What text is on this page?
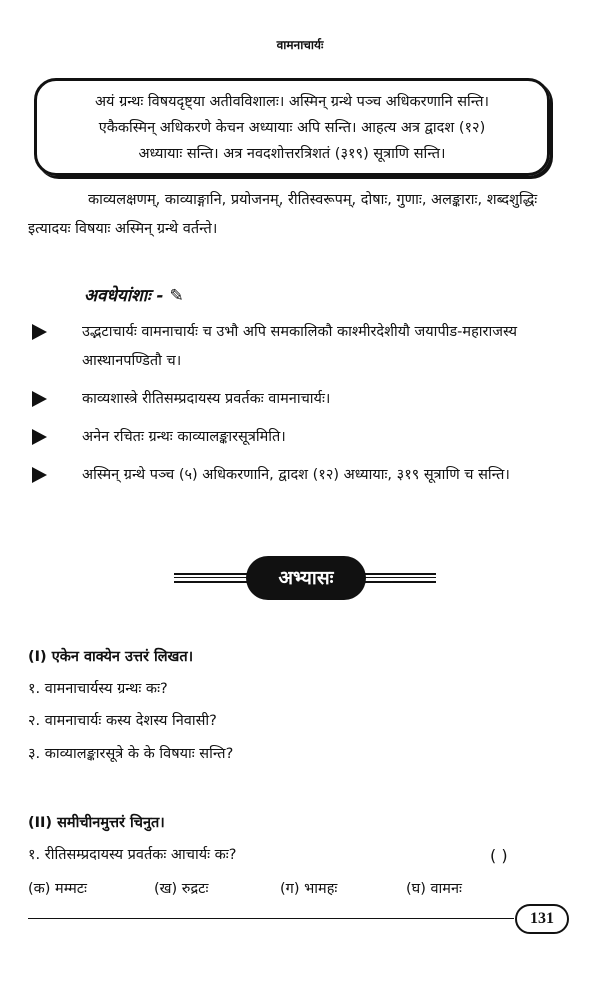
वामनाचार्यः
अयं ग्रन्थः विषयदृष्ट्या अतीवविशालः। अस्मिन् ग्रन्थे पञ्च अधिकरणानि सन्ति।
एकैकस्मिन् अधिकरणे केचन अध्यायाः अपि सन्ति। आहत्य अत्र द्वादश (१२)
अध्यायाः सन्ति। अत्र नवदशोत्तरत्रिशतं (३१९) सूत्राणि सन्ति।
काव्यलक्षणम्, काव्याङ्गानि, प्रयोजनम्, रीतिस्वरूपम्, दोषाः, गुणाः, अलङ्काराः, शब्दशुद्धिः इत्यादयः विषयाः अस्मिन् ग्रन्थे वर्तन्ते।
अवधेयांशाः - ✎
उद्भटाचार्यः वामनाचार्यः च उभौ अपि समकालिकौ काश्मीरदेशीयौ जयापीड-महाराजस्य आस्थानपण्डितौ च।
काव्यशास्त्रे रीतिसम्प्रदायस्य प्रवर्तकः वामनाचार्यः।
अनेन रचितः ग्रन्थः काव्यालङ्कारसूत्रमिति।
अस्मिन् ग्रन्थे पञ्च (५) अधिकरणानि, द्वादश (१२) अध्यायाः, ३१९ सूत्राणि च सन्ति।
अभ्यासः
(I) एकेन वाक्येन उत्तरं लिखत।
१. वामनाचार्यस्य ग्रन्थः कः?
२. वामनाचार्यः कस्य देशस्य निवासी?
३. काव्यालङ्कारसूत्रे के के विषयाः सन्ति?
(II) समीचीनमुत्तरं चिनुत।
१. रीतिसम्प्रदायस्य प्रवर्तकः आचार्यः कः?	( )
(क) मम्मटः	(ख) रुद्रटः	(ग) भामहः	(घ) वामनः
131
